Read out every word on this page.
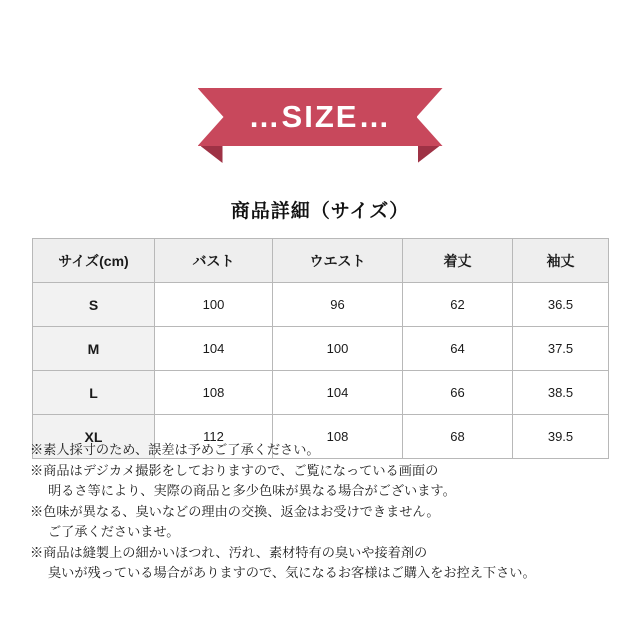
…SIZE…
商品詳細（サイズ）
サイズ(cm)	バスト	ウエスト	着丈	袖丈
S	100	96	62	36.5
M	104	100	64	37.5
L	108	104	66	38.5
XL	112	108	68	39.5
※素人採寸のため、誤差は予めご了承ください。
※商品はデジカメ撮影をしておりますので、ご覧になっている画面の
明るさ等により、実際の商品と多少色味が異なる場合がございます。
※色味が異なる、臭いなどの理由の交換、返金はお受けできません。
ご了承くださいませ。
※商品は縫製上の細かいほつれ、汚れ、素材特有の臭いや接着剤の
臭いが残っている場合がありますので、気になるお客様はご購入をお控え下さい。
